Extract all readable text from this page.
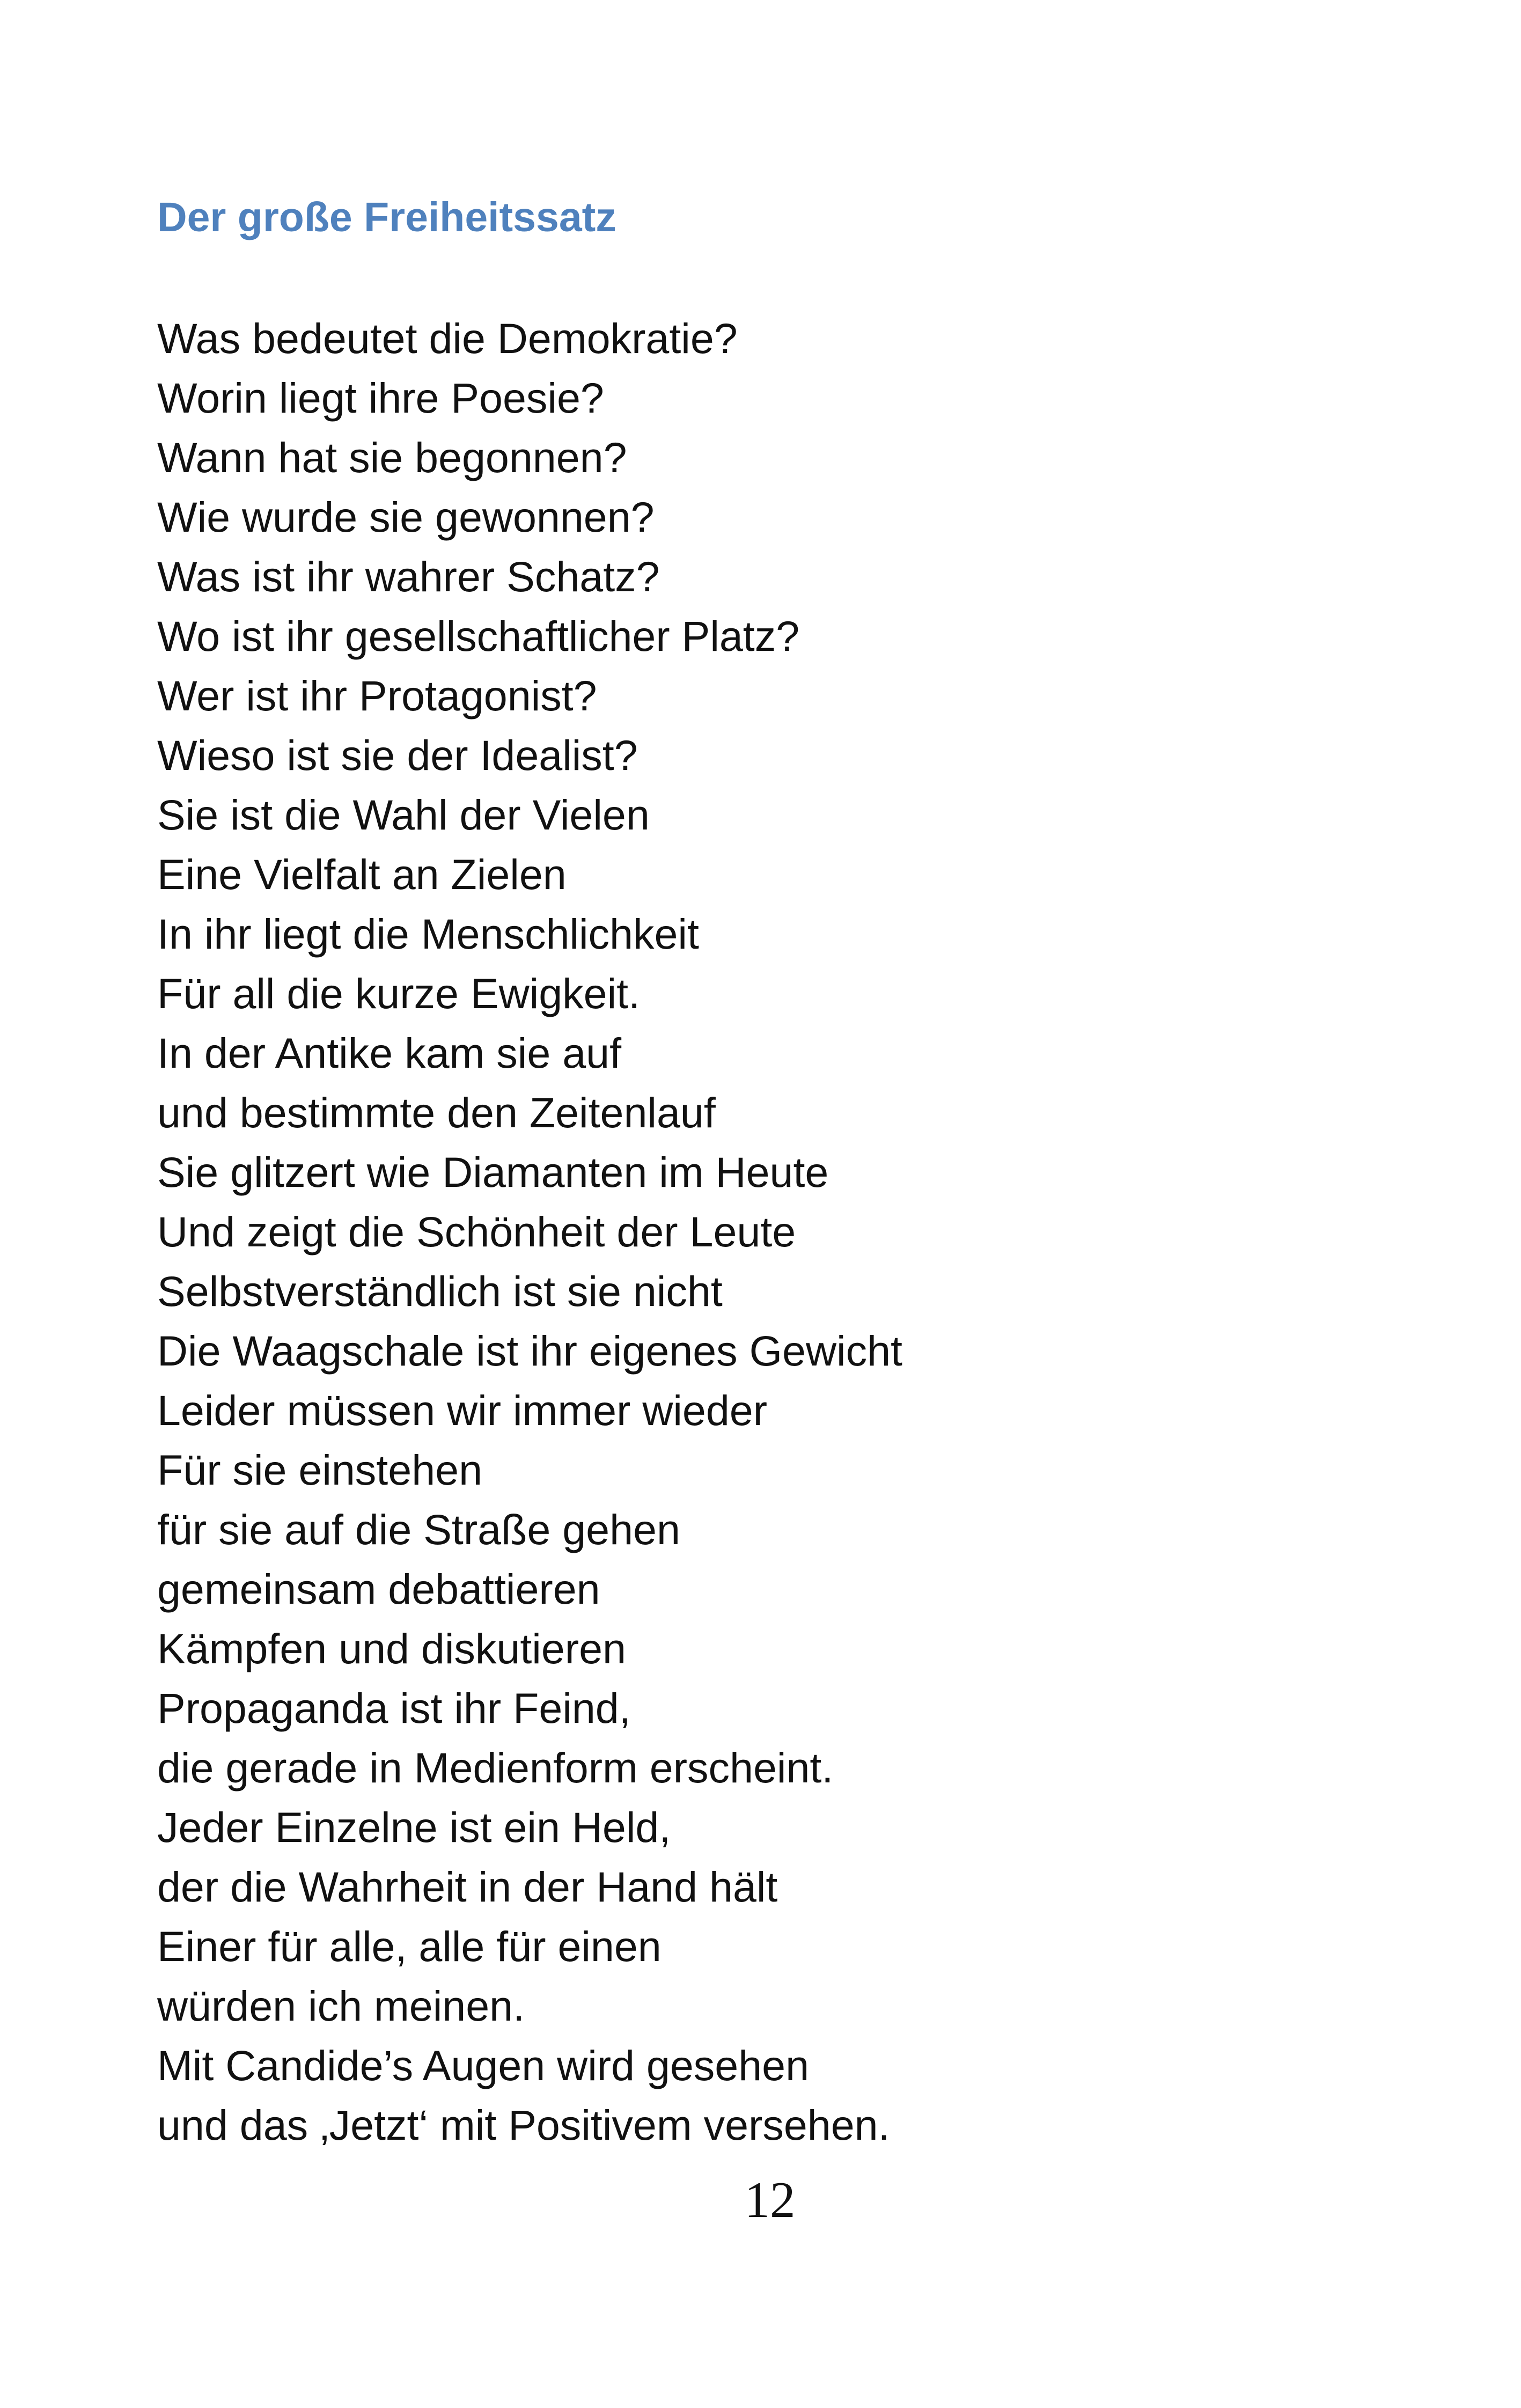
Der große Freiheitssatz
Was bedeutet die Demokratie?
Worin liegt ihre Poesie?
Wann hat sie begonnen?
Wie wurde sie gewonnen?
Was ist ihr wahrer Schatz?
Wo ist ihr gesellschaftlicher Platz?
Wer ist ihr Protagonist?
Wieso ist sie der Idealist?
Sie ist die Wahl der Vielen
Eine Vielfalt an Zielen
In ihr liegt die Menschlichkeit
Für all die kurze Ewigkeit.
In der Antike kam sie auf
und bestimmte den Zeitenlauf
Sie glitzert wie Diamanten im Heute
Und zeigt die Schönheit der Leute
Selbstverständlich ist sie nicht
Die Waagschale ist ihr eigenes Gewicht
Leider müssen wir immer wieder
Für sie einstehen
für sie auf die Straße gehen
gemeinsam debattieren
Kämpfen und diskutieren
Propaganda ist ihr Feind,
die gerade in Medienform erscheint.
Jeder Einzelne ist ein Held,
der die Wahrheit in der Hand hält
Einer für alle, alle für einen
würden ich meinen.
Mit Candide’s Augen wird gesehen
und das ‚Jetzt‘ mit Positivem versehen.
12
